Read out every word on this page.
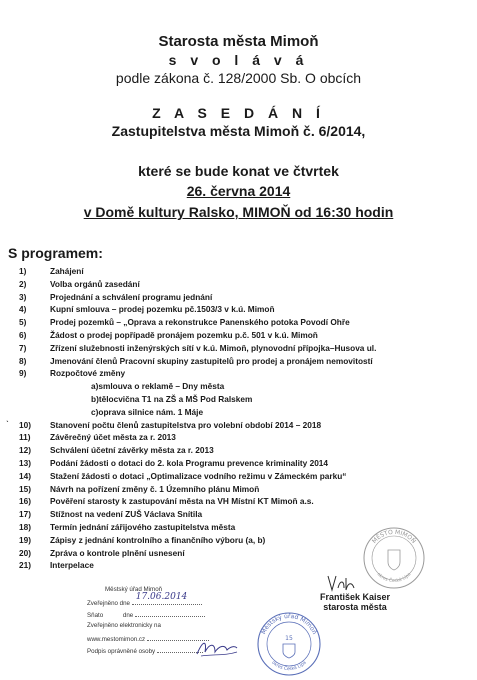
Starosta města Mimoň
s v o l á v á
podle zákona č. 128/2000 Sb. O obcích
Z A S E D Á N Í
Zastupitelstva města Mimoň č. 6/2014,
které se bude konat ve čtvrtek
26. června 2014
v Domě kultury Ralsko, MIMOŇ od 16:30 hodin
S programem:
1)	Zahájení
2)	Volba orgánů zasedání
3)	Projednání a schválení programu jednání
4)	Kupní smlouva – prodej pozemku pč.1503/3 v k.ú. Mimoň
5)	Prodej pozemků – „Oprava a rekonstrukce Panenského potoka Povodí Ohře
6)	Žádost o prodej popřípadě pronájem pozemku p.č. 501 v k.ú. Mimoň
7)	Zřízení služebnosti inženýrských sítí v k.ú. Mimoň, plynovodní přípojka–Husova ul.
8)	Jmenování členů Pracovní skupiny zastupitelů pro prodej a pronájem nemovitostí
9)	Rozpočtové změny
a)smlouva o reklamě – Dny města
b)tělocvična T1 na ZŠ a MŠ Pod Ralskem
c)oprava silnice nám. 1 Máje
ˋ 10)	Stanovení počtu členů zastupitelstva pro volební období 2014 – 2018
11)	Závěrečný účet města za r. 2013
12)	Schválení účetní závěrky města za r. 2013
13)	Podání žádosti o dotaci do 2. kola Programu prevence kriminality 2014
14)	Stažení žádosti o dotaci „Optimalizace vodního režimu v Zámeckém parku“
15)	Návrh na pořízení změny č. 1 Územního plánu Mimoň
16)	Pověření starosty k zastupování města na VH Místní KT Mimoň a.s.
17)	Stížnost na vedení ZUŠ Václava Snítila
18)	Termín jednání zářijového zastupitelstva města
19)	Zápisy z jednání kontrolního a finančního výboru (a, b)
20)	Zpráva o kontrole plnění usnesení
21)	Interpelace
Městský úřad Mimoň
Zveřejněno dne
17.06.2014
Sňato	dne
Zveřejněno elektronicky na
www.mestomimon.cz
Podpis oprávněné osoby
František Kaiser
starosta města
MĚSTO MIMOŇ
okres Česká Lípa
Městský úřad Mimoň
okres Česká Lípa
15
